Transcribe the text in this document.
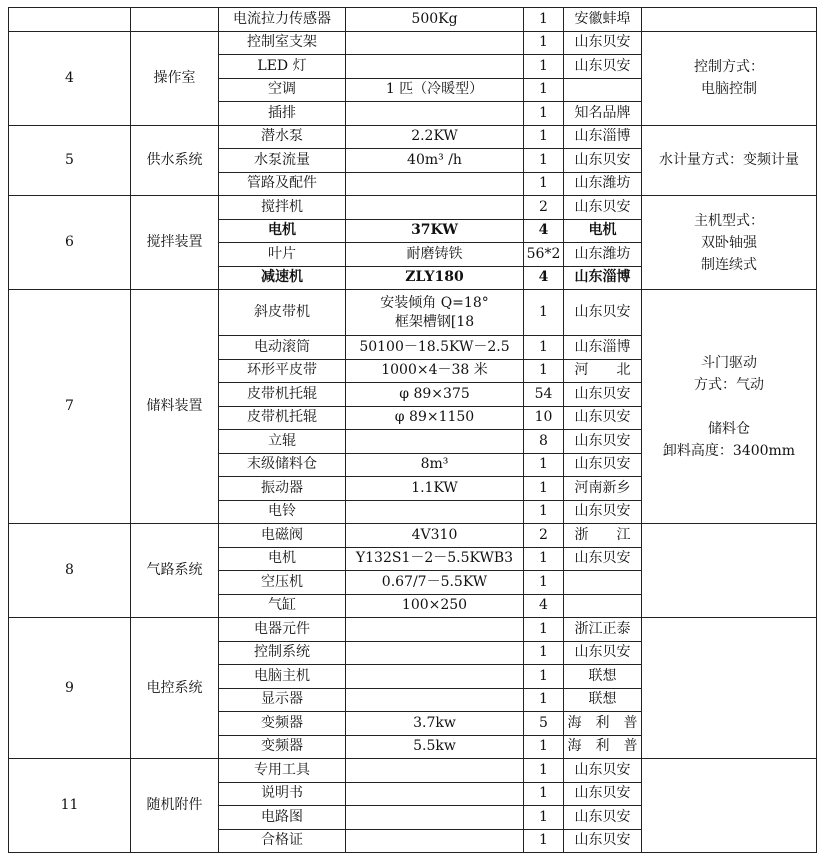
		电流拉力传感器	500Kg	1	安徽蚌埠	
4	操作室	控制室支架		1	山东贝安	控制方式：
电脑控制
		LED 灯		1	山东贝安	
		空调	1 匹（冷暖型）	1		
		插排		1	知名品牌	
5	供水系统	潜水泵	2.2KW	1	山东淄博	水计量方式：变频计量
		水泵流量	40m³ /h	1	山东贝安	
		管路及配件		1	山东潍坊	
6	搅拌装置	搅拌机		2	山东贝安	主机型式：
双卧轴强
制连续式
		电机	37KW	4	电机	
		叶片	耐磨铸铁	56*2	山东潍坊	
		减速机	ZLY180	4	山东淄博	
7	储料装置	斜皮带机	安装倾角 Q=18°
框架槽钢[18	1	山东贝安	斗门驱动
方式：气动

储料仓
卸料高度：3400mm
		电动滚筒	50100－18.5KW－2.5	1	山东淄博	
		环形平皮带	1000×4－38 米	1	河　　北	
		皮带机托辊	φ 89×375	54	山东贝安	
		皮带机托辊	φ 89×1150	10	山东贝安	
		立辊		8	山东贝安	
		末级储料仓	8m³	1	山东贝安	
		振动器	1.1KW	1	河南新乡	
		电铃		1	山东贝安	
8	气路系统	电磁阀	4V310	2	浙　　江	
		电机	Y132S1－2－5.5KWB3	1	山东贝安	
		空压机	0.67/7－5.5KW	1		
		气缸	100×250	4		
9	电控系统	电器元件		1	浙江正泰	
		控制系统		1	山东贝安	
		电脑主机		1	联想	
		显示器		1	联想	
		变频器	3.7kw	5	海　利　普	
		变频器	5.5kw	1	海　利　普	
11	随机附件	专用工具		1	山东贝安	
		说明书		1	山东贝安	
		电路图		1	山东贝安	
		合格证		1	山东贝安	
